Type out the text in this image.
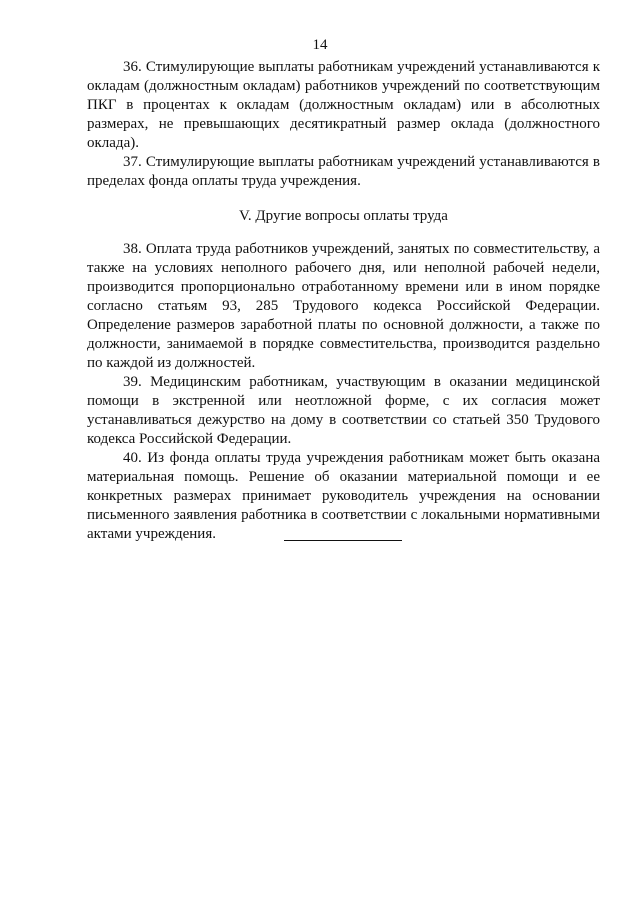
14

36. Стимулирующие выплаты работникам учреждений устанавливаются к окладам (должностным окладам) работников учреждений по соответствующим ПКГ в процентах к окладам (должностным окладам) или в абсолютных размерах, не превышающих десятикратный размер оклада (должностного оклада).

37. Стимулирующие выплаты работникам учреждений устанавливаются в пределах фонда оплаты труда учреждения.

V. Другие вопросы оплаты труда

38. Оплата труда работников учреждений, занятых по совместительству, а также на условиях неполного рабочего дня, или неполной рабочей недели, производится пропорционально отработанному времени или в ином порядке согласно статьям 93, 285 Трудового кодекса Российской Федерации. Определение размеров заработной платы по основной должности, а также по должности, занимаемой в порядке совместительства, производится раздельно по каждой из должностей.

39. Медицинским работникам, участвующим в оказании медицинской помощи в экстренной или неотложной форме, с их согласия может устанавливаться дежурство на дому в соответствии со статьей 350 Трудового кодекса Российской Федерации.

40. Из фонда оплаты труда учреждения работникам может быть оказана материальная помощь. Решение об оказании материальной помощи и ее конкретных размерах принимает руководитель учреждения на основании письменного заявления работника в соответствии с локальными нормативными актами учреждения.
